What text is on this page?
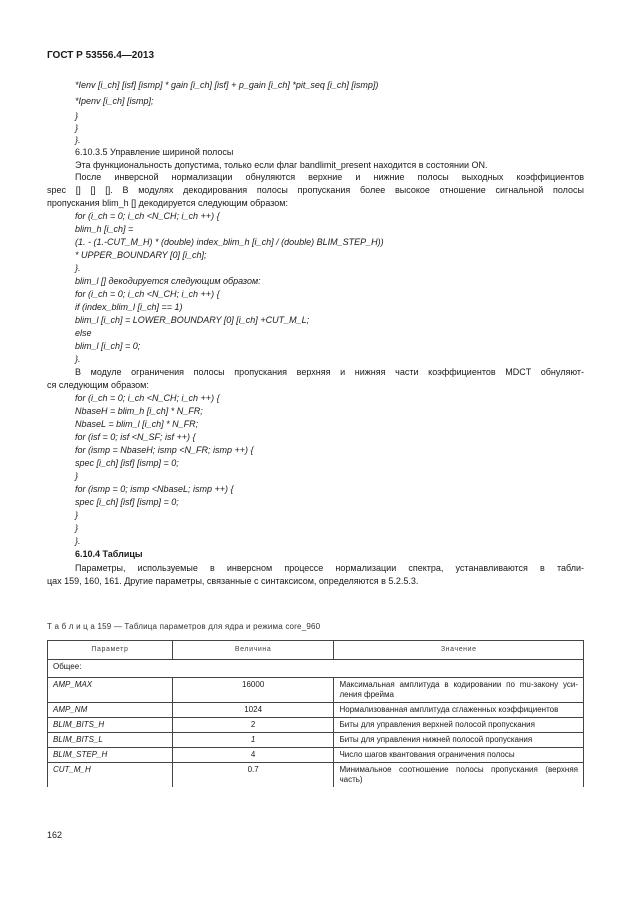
ГОСТ Р 53556.4—2013
*Ienv [i_ch] [isf] [ismp] * gain [i_ch] [isf] + p_gain [i_ch] *pit_seq [i_ch] [ismp])
*Ipenv [i_ch] [ismp];
}
}
}.
6.10.3.5 Управление шириной полосы
Эта функциональность допустима, только если флаг bandlimit_present находится в состоянии ON.
После инверсной нормализации обнуляются верхние и нижние полосы выходных коэффициентов
spec [] [] []. В модулях декодирования полосы пропускания более высокое отношение сигнальной полосы
пропускания blim_h [] декодируется следующим образом:
for (i_ch = 0; i_ch <N_CH; i_ch ++) {
blim_h [i_ch] =
(1. - (1.-CUT_M_H) * (double) index_blim_h [i_ch] / (double) BLIM_STEP_H))
* UPPER_BOUNDARY [0] [i_ch];
}.
blim_l [] декодируется следующим образом:
for (i_ch = 0; i_ch <N_CH; i_ch ++) {
if (index_blim_l [i_ch] == 1)
blim_l [i_ch] = LOWER_BOUNDARY [0] [i_ch] +CUT_M_L;
else
blim_l [i_ch] = 0;
}.
В модуле ограничения полосы пропускания верхняя и нижняя части коэффициентов MDCT обнуляют-
ся следующим образом:
for (i_ch = 0; i_ch <N_CH; i_ch ++) {
NbaseH = blim_h [i_ch] * N_FR;
NbaseL = blim_l [i_ch] * N_FR;
for (isf = 0; isf <N_SF; isf ++) {
for (ismp = NbaseH; ismp <N_FR; ismp ++) {
spec [i_ch] [isf] [ismp] = 0;
}
for (ismp = 0; ismp <NbaseL; ismp ++) {
spec [i_ch] [isf] [ismp] = 0;
}
}
}.
6.10.4 Таблицы
Параметры, используемые в инверсном процессе нормализации спектра, устанавливаются в табли-
цах 159, 160, 161. Другие параметры, связанные с синтаксисом, определяются в 5.2.5.3.
Т а б л и ц а 159 — Таблица параметров для ядра и режима core_960
Параметр	Величина	Значение
Общее:		
AMP_MAX	16000	Максимальная амплитуда в кодировании по mu-закону уси-ления фрейма
AMP_NM	1024	Нормализованная амплитуда сглаженных коэффициентов
BLIM_BITS_H	2	Биты для управления верхней полосой пропускания
BLIM_BITS_L	1	Биты для управления нижней полосой пропускания
BLIM_STEP_H	4	Число шагов квантования ограничения полосы
CUT_M_H	0.7	Минимальное соотношение полосы пропускания (верхняя часть)
162
